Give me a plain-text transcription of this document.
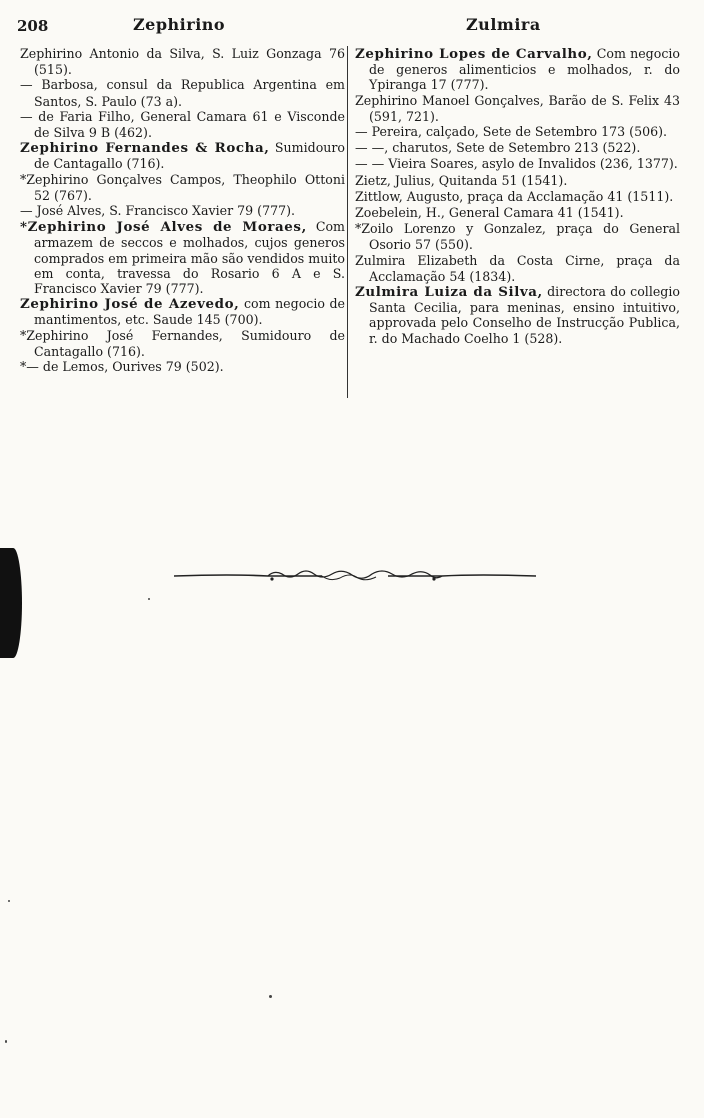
208	Zephirino	Zulmira

Zephirino Antonio da Silva, S. Luiz Gonzaga 76 (515).

— Barbosa, consul da Republica Argentina em Santos, S. Paulo (73 a).

— de Faria Filho, General Camara 61 e Visconde de Silva 9 B (462).

Zephirino Fernandes & Rocha, Sumidouro de Cantagallo (716).

*Zephirino Gonçalves Campos, Theophilo Ottoni 52 (767).

— José Alves, S. Francisco Xavier 79 (777).

*Zephirino José Alves de Moraes, Com armazem de seccos e molhados, cujos generos comprados em primeira mão são vendidos muito em conta, travessa do Rosario 6 A e S. Francisco Xavier 79 (777).

Zephirino José de Azevedo, com negocio de mantimentos, etc. Saude 145 (700).

*Zephirino José Fernandes, Sumidouro de Cantagallo (716).

*— de Lemos, Ourives 79 (502).

Zephirino Lopes de Carvalho, Com negocio de generos alimenticios e molhados, r. do Ypiranga 17 (777).

Zephirino Manoel Gonçalves, Barão de S. Felix 43 (591, 721).

— Pereira, calçado, Sete de Setembro 173 (506).

— —, charutos, Sete de Setembro 213 (522).

— — Vieira Soares, asylo de Invalidos (236, 1377).

Zietz, Julius, Quitanda 51 (1541).

Zittlow, Augusto, praça da Acclamação 41 (1511).

Zoebelein, H., General Camara 41 (1541).

*Zoilo Lorenzo y Gonzalez, praça do General Osorio 57 (550).

Zulmira Elizabeth da Costa Cirne, praça da Acclamação 54 (1834).

Zulmira Luiza da Silva, directora do collegio Santa Cecilia, para meninas, ensino intuitivo, approvada pelo Conselho de Instrucção Publica, r. do Machado Coelho 1 (528).
